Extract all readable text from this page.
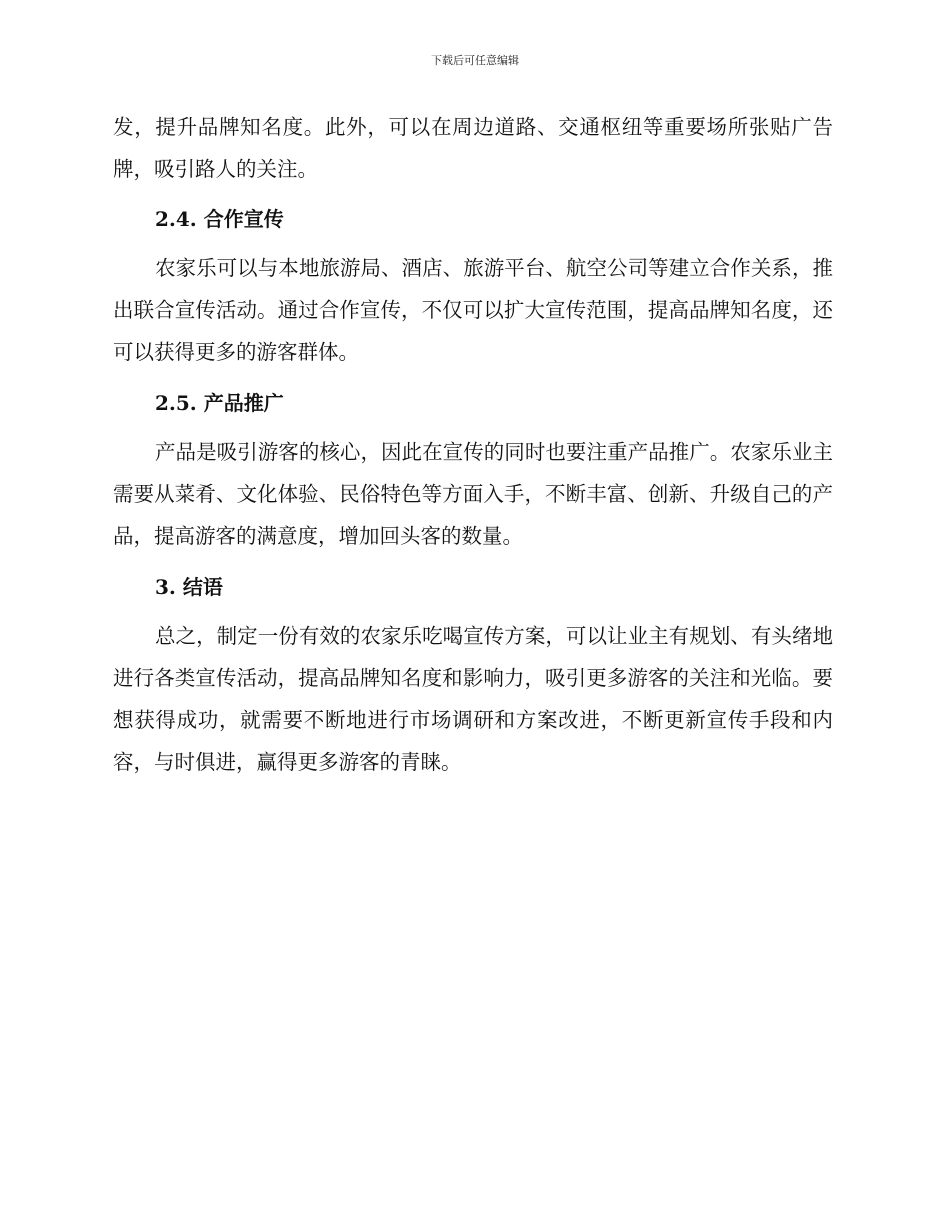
下载后可任意编辑

发，提升品牌知名度。此外，可以在周边道路、交通枢纽等重要场所张贴广告牌，吸引路人的关注。

2.4. 合作宣传

农家乐可以与本地旅游局、酒店、旅游平台、航空公司等建立合作关系，推出联合宣传活动。通过合作宣传，不仅可以扩大宣传范围，提高品牌知名度，还可以获得更多的游客群体。

2.5. 产品推广

产品是吸引游客的核心，因此在宣传的同时也要注重产品推广。农家乐业主需要从菜肴、文化体验、民俗特色等方面入手，不断丰富、创新、升级自己的产品，提高游客的满意度，增加回头客的数量。

3. 结语

总之，制定一份有效的农家乐吃喝宣传方案，可以让业主有规划、有头绪地进行各类宣传活动，提高品牌知名度和影响力，吸引更多游客的关注和光临。要想获得成功，就需要不断地进行市场调研和方案改进，不断更新宣传手段和内容，与时俱进，赢得更多游客的青睐。
